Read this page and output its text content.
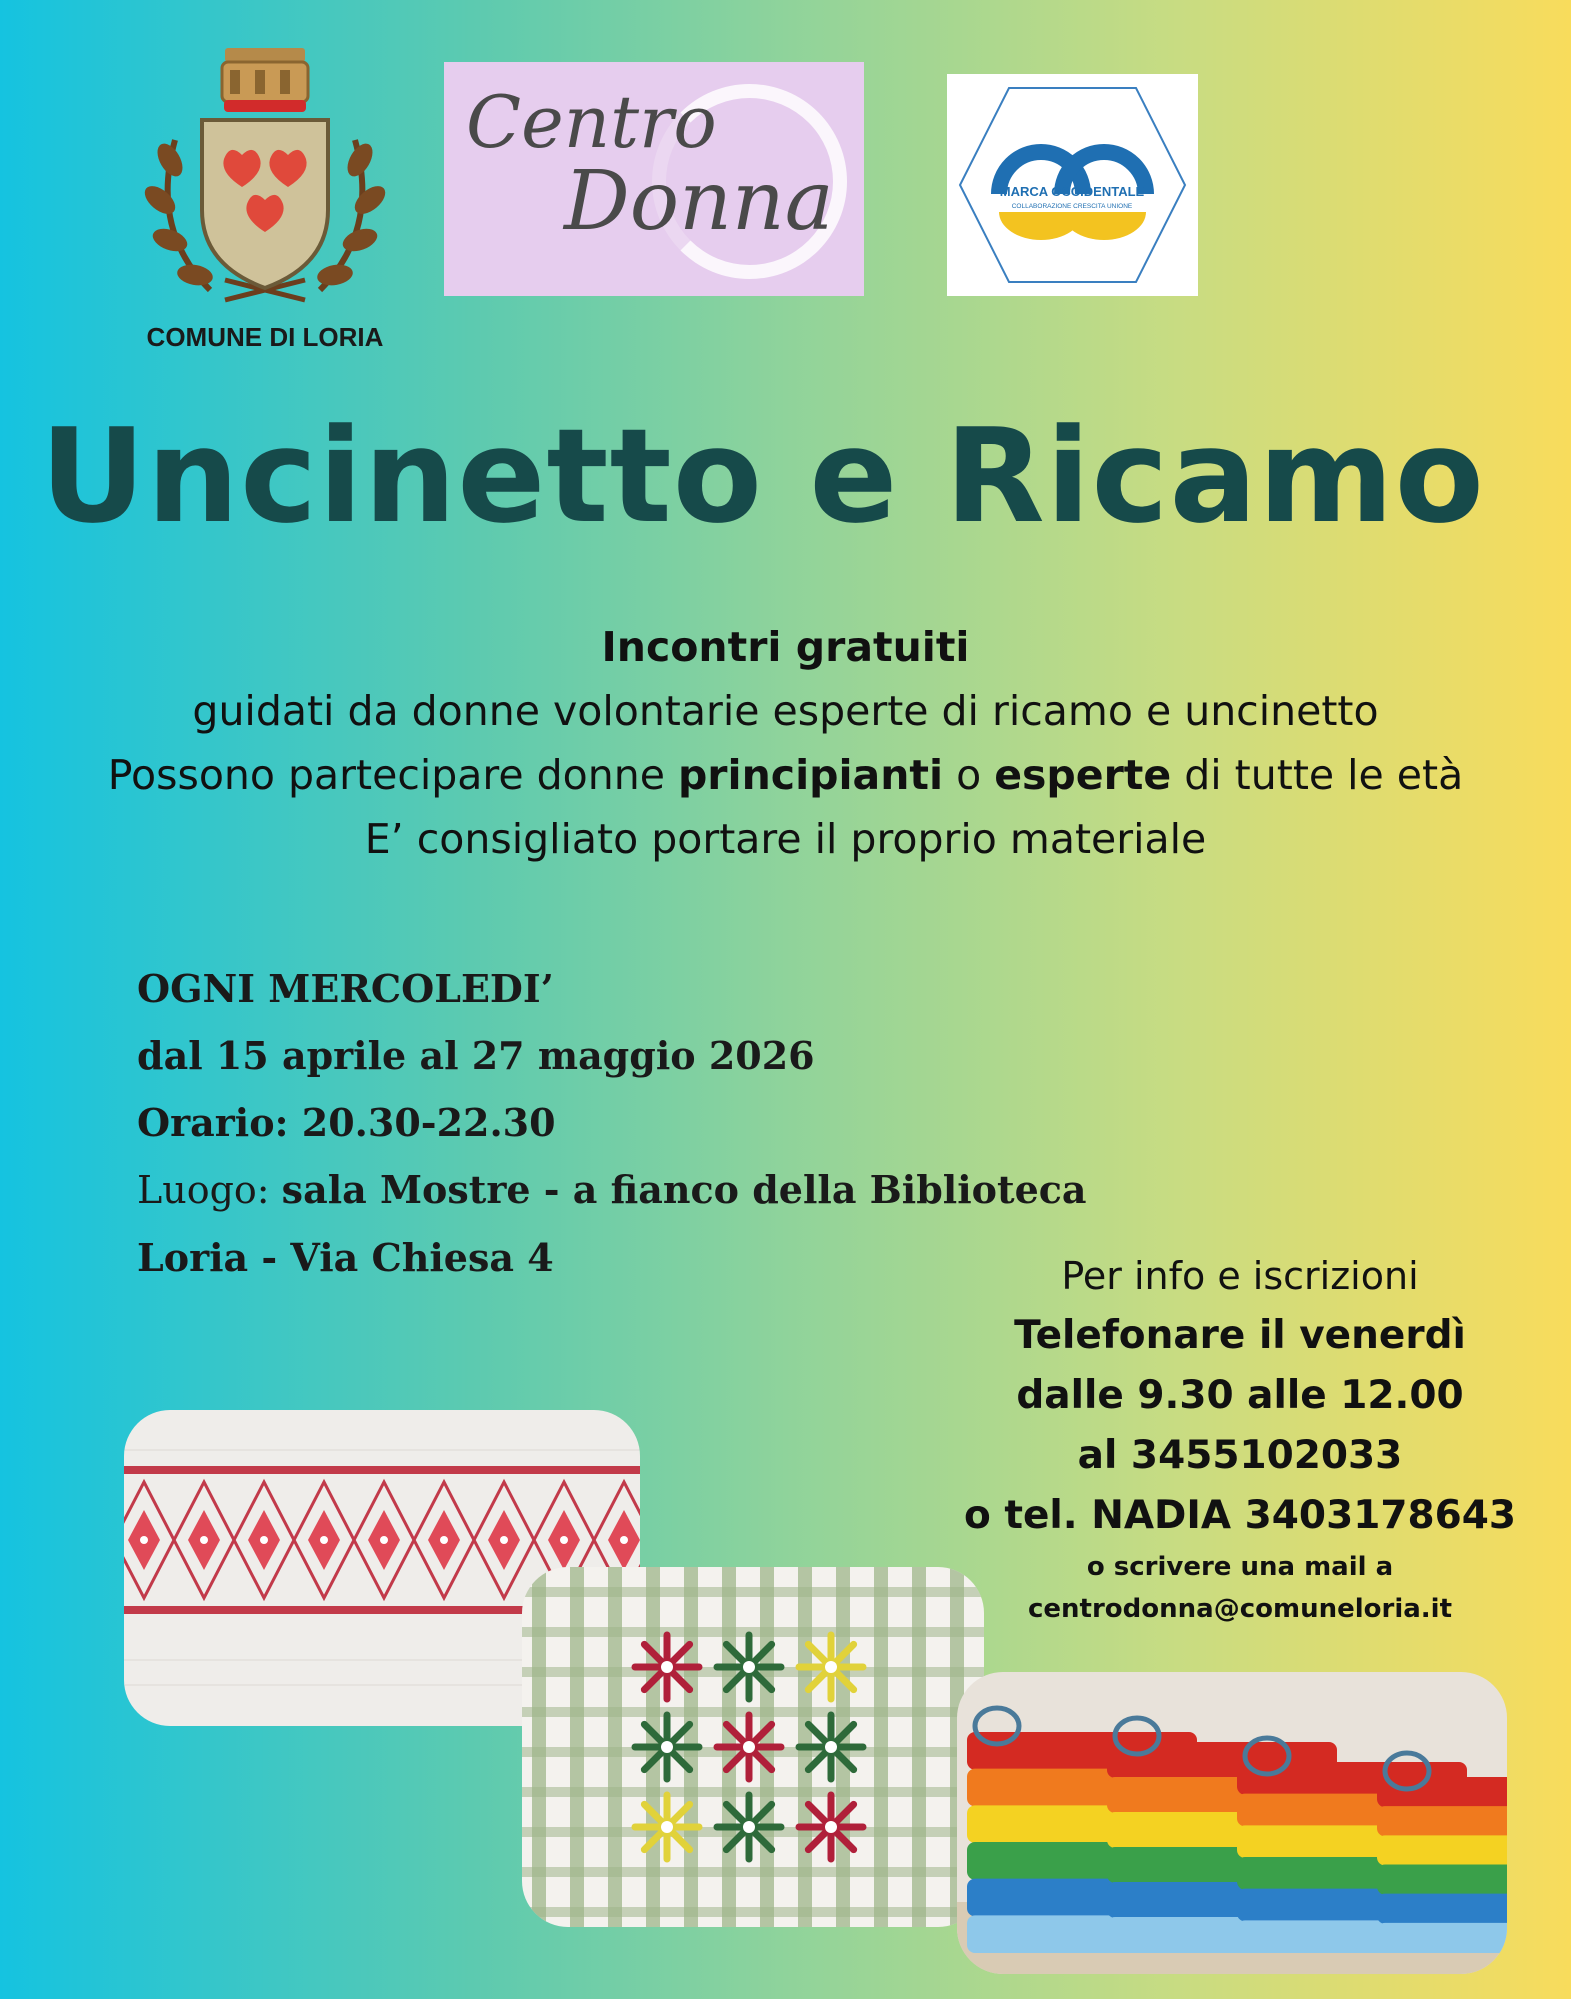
COMUNE DI LORIA
Centro
Donna	MARCA OCCIDENTALE
COLLABORAZIONE CRESCITA UNIONE
Uncinetto e Ricamo
Incontri gratuiti
guidati da donne volontarie esperte di ricamo e uncinetto
Possono partecipare donne principianti o esperte di tutte le età
E’ consigliato portare il proprio materiale
OGNI MERCOLEDI’
dal 15 aprile al 27 maggio 2026
Orario: 20.30-22.30
Luogo: sala Mostre - a fianco della Biblioteca
Loria - Via Chiesa 4	Per info e iscrizioni
Telefonare il venerdì
dalle 9.30 alle 12.00
al 3455102033
o tel. NADIA 3403178643
o scrivere una mail a
centrodonna@comuneloria.it
